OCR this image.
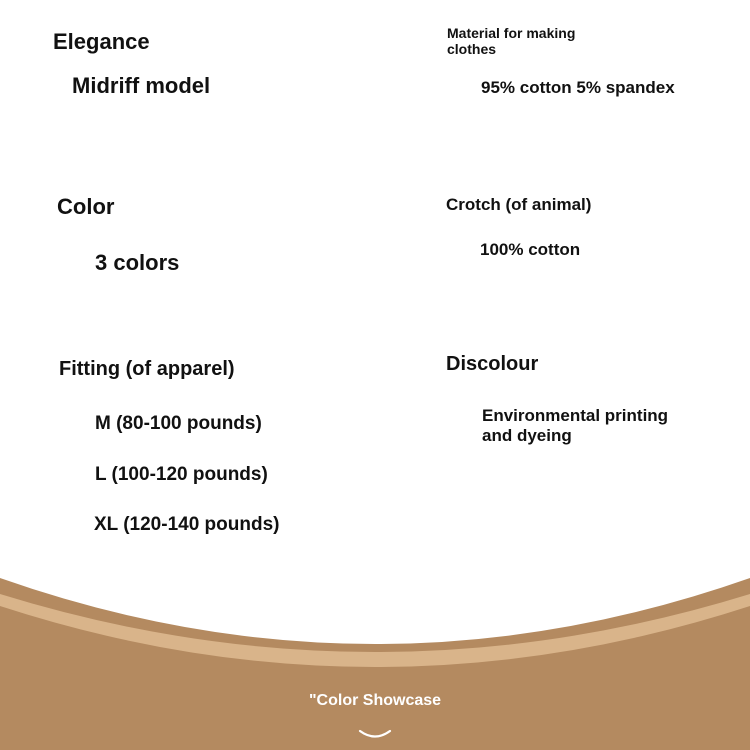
Elegance
Midriff model
Color
3 colors
Fitting (of apparel)
M (80-100 pounds)
L (100-120 pounds)
XL (120-140 pounds)
Material for making clothes
95% cotton 5% spandex
Crotch (of animal)
100% cotton
Discolour
Environmental printing and dyeing
"Color Showcase
